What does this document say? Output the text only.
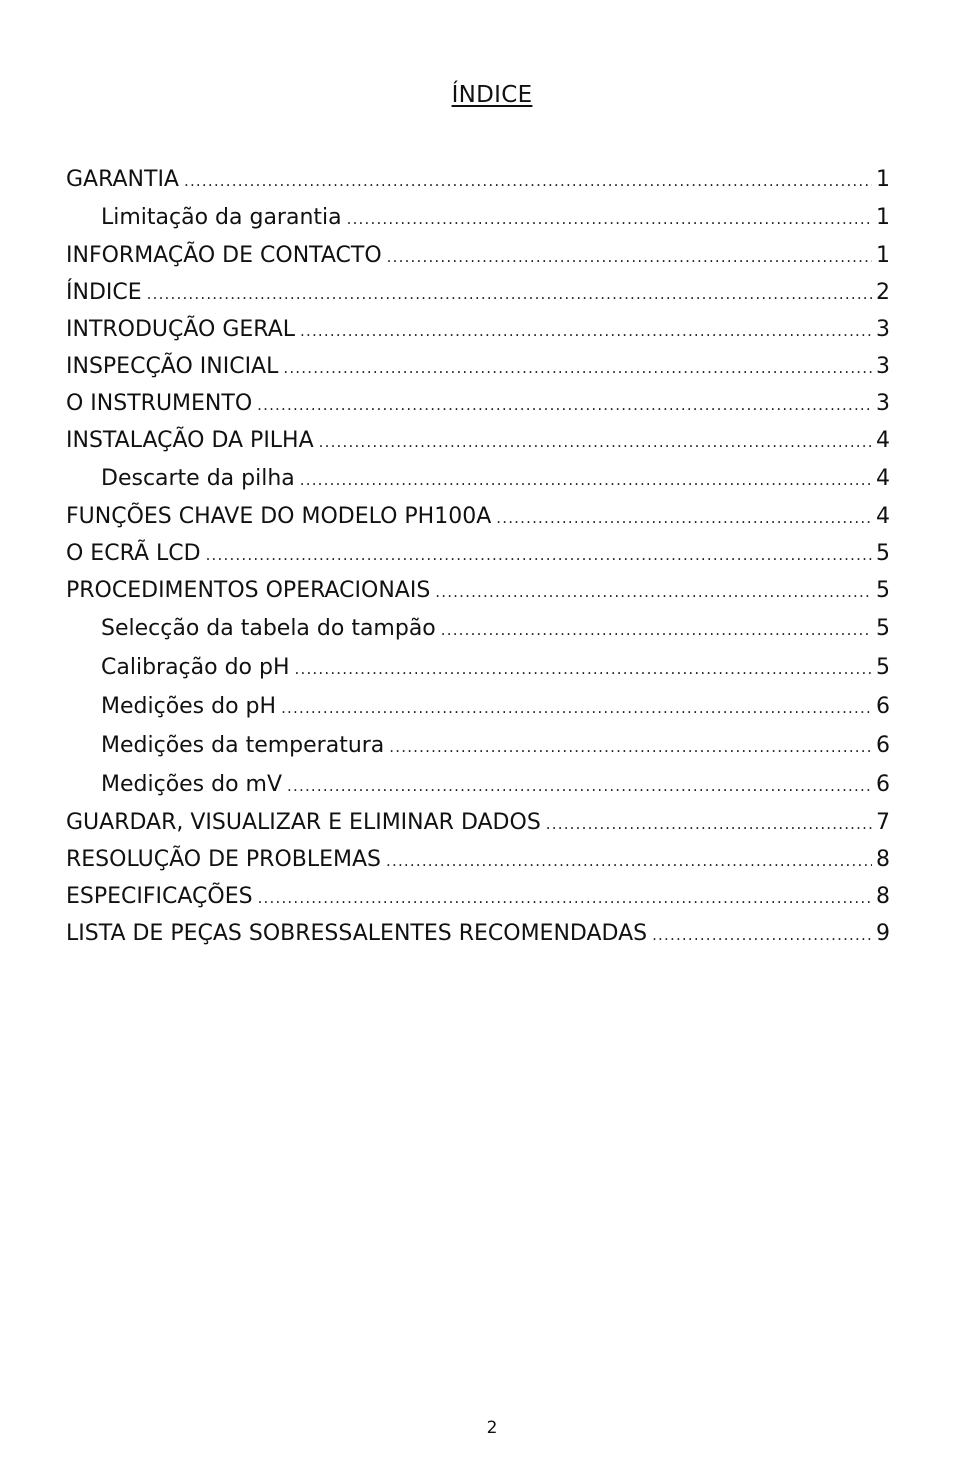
ÍNDICE
GARANTIA .....	1
Limitação da garantia .....	1
INFORMAÇÃO DE CONTACTO .....	1
ÍNDICE .....	2
INTRODUÇÃO GERAL .....	3
INSPECÇÃO INICIAL .....	3
O INSTRUMENTO .....	3
INSTALAÇÃO DA PILHA .....	4
Descarte da pilha .....	4
FUNÇÕES CHAVE DO MODELO PH100A .....	4
O ECRÃ LCD .....	5
PROCEDIMENTOS OPERACIONAIS .....	5
Selecção da tabela do tampão .....	5
Calibração do pH .....	5
Medições do pH .....	6
Medições da temperatura .....	6
Medições do mV .....	6
GUARDAR, VISUALIZAR E ELIMINAR DADOS .....	7
RESOLUÇÃO DE PROBLEMAS .....	8
ESPECIFICAÇÕES .....	8
LISTA DE PEÇAS SOBRESSALENTES RECOMENDADAS .....	9
2
